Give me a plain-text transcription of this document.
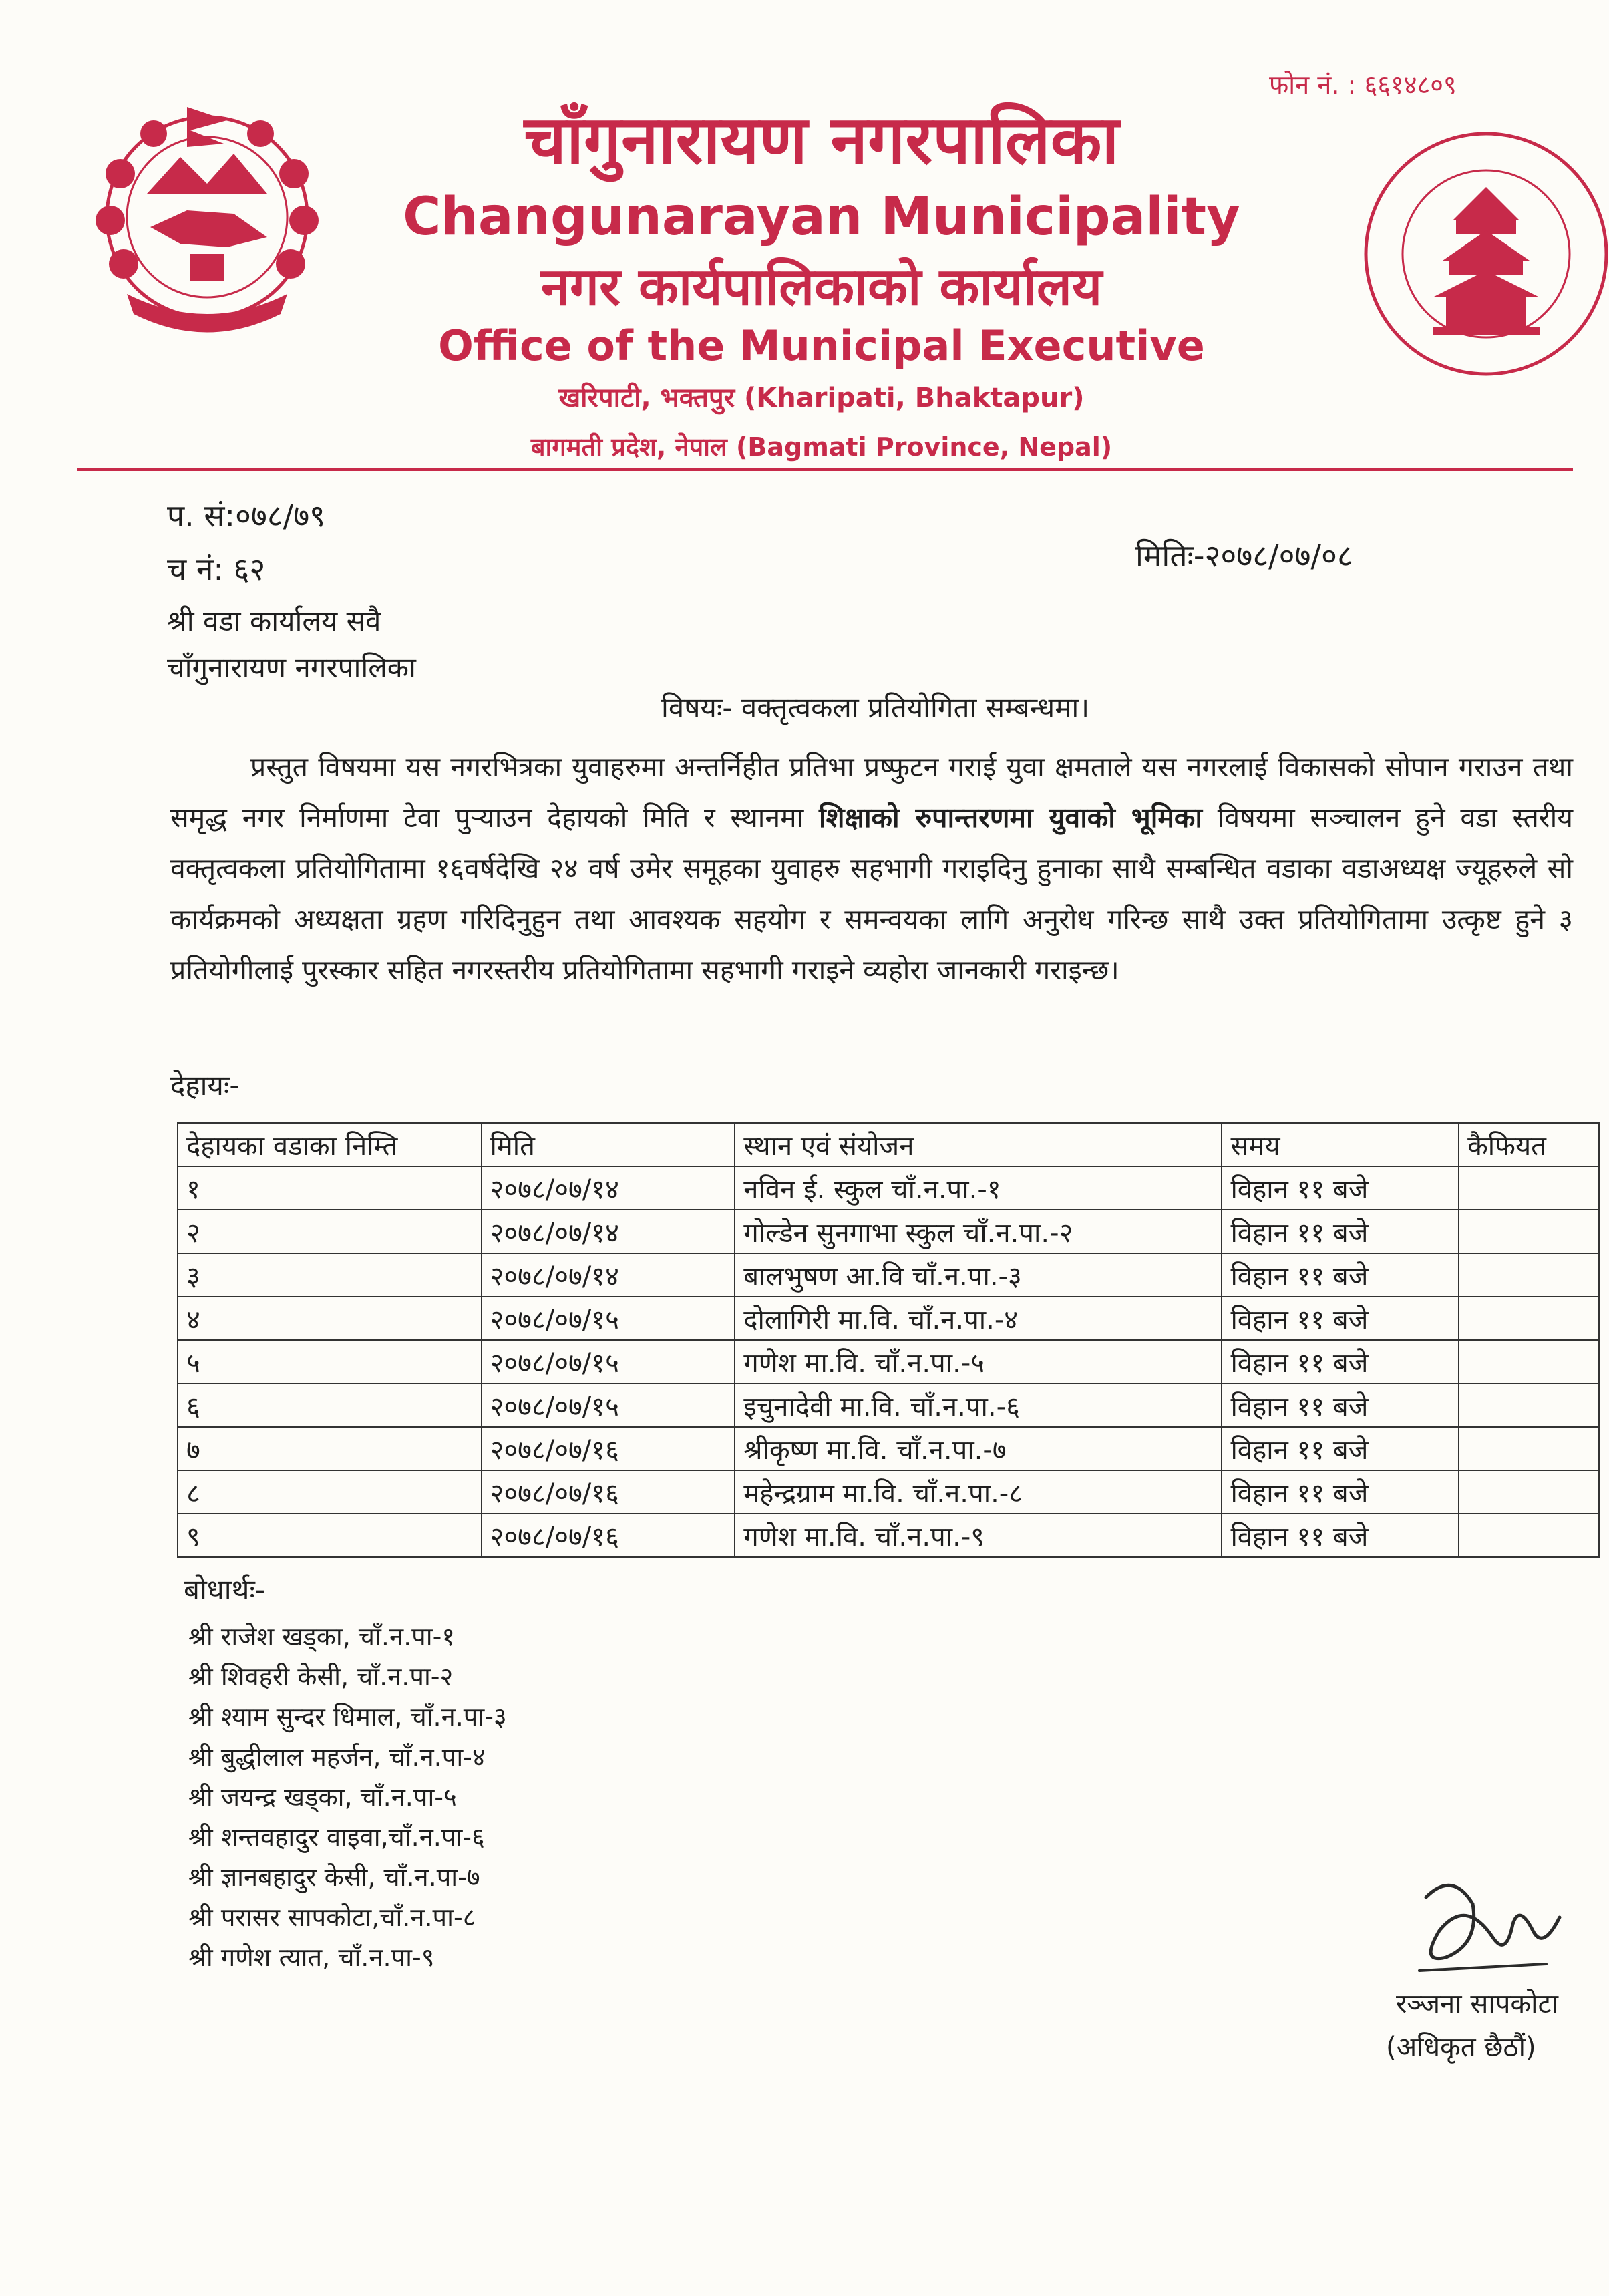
फोन नं. : ६६१४८०९
चाँगुनारायण नगरपालिका
Changunarayan Municipality
नगर कार्यपालिकाको कार्यालय
Office of the Municipal Executive
खरिपाटी, भक्तपुर (Kharipati, Bhaktapur)
बागमती प्रदेश, नेपाल (Bagmati Province, Nepal)
प. सं:०७८/७९
च नं: ६२	मितिः-२०७८/०७/०८
श्री वडा कार्यालय सवै
चाँगुनारायण नगरपालिका
विषयः- वक्तृत्वकला प्रतियोगिता सम्बन्धमा।
प्रस्तुत विषयमा यस नगरभित्रका युवाहरुमा अन्तर्निहीत प्रतिभा प्रष्फुटन गराई युवा क्षमताले यस नगरलाई विकासको सोपान गराउन तथा समृद्ध नगर निर्माणमा टेवा पुऱ्याउन देहायको मिति र स्थानमा शिक्षाको रुपान्तरणमा युवाको भूमिका विषयमा सञ्चालन हुने वडा स्तरीय वक्तृत्वकला प्रतियोगितामा १६वर्षदेखि २४ वर्ष उमेर समूहका युवाहरु सहभागी गराइदिनु हुनाका साथै सम्बन्धित वडाका वडाअध्यक्ष ज्यूहरुले सो कार्यक्रमको अध्यक्षता ग्रहण गरिदिनुहुन तथा आवश्यक सहयोग र समन्वयका लागि अनुरोध गरिन्छ साथै उक्त प्रतियोगितामा उत्कृष्ट हुने ३ प्रतियोगीलाई पुरस्कार सहित नगरस्तरीय प्रतियोगितामा सहभागी गराइने व्यहोरा जानकारी गराइन्छ।
देहायः-
देहायका वडाका निम्ति	मिति	स्थान एवं संयोजन	समय	कैफियत
१	२०७८/०७/१४	नविन ई. स्कुल चाँ.न.पा.-१	विहान ११ बजे	
२	२०७८/०७/१४	गोल्डेन सुनगाभा स्कुल चाँ.न.पा.-२	विहान ११ बजे	
३	२०७८/०७/१४	बालभुषण आ.वि चाँ.न.पा.-३	विहान ११ बजे	
४	२०७८/०७/१५	दोलागिरी मा.वि. चाँ.न.पा.-४	विहान ११ बजे	
५	२०७८/०७/१५	गणेश मा.वि. चाँ.न.पा.-५	विहान ११ बजे	
६	२०७८/०७/१५	इचुनादेवी मा.वि. चाँ.न.पा.-६	विहान ११ बजे	
७	२०७८/०७/१६	श्रीकृष्ण मा.वि. चाँ.न.पा.-७	विहान ११ बजे	
८	२०७८/०७/१६	महेन्द्रग्राम मा.वि. चाँ.न.पा.-८	विहान ११ बजे	
९	२०७८/०७/१६	गणेश मा.वि. चाँ.न.पा.-९	विहान ११ बजे	
बोधार्थः-
श्री राजेश खड्का, चाँ.न.पा-१
श्री शिवहरी केसी, चाँ.न.पा-२
श्री श्याम सुन्दर धिमाल, चाँ.न.पा-३
श्री बुद्धीलाल महर्जन, चाँ.न.पा-४
श्री जयन्द्र खड्का, चाँ.न.पा-५
श्री शन्तवहादुर वाइवा,चाँ.न.पा-६
श्री ज्ञानबहादुर केसी, चाँ.न.पा-७
श्री परासर सापकोटा,चाँ.न.पा-८
श्री गणेश त्यात, चाँ.न.पा-९
रञ्जना सापकोटा
(अधिकृत छैठौं)
